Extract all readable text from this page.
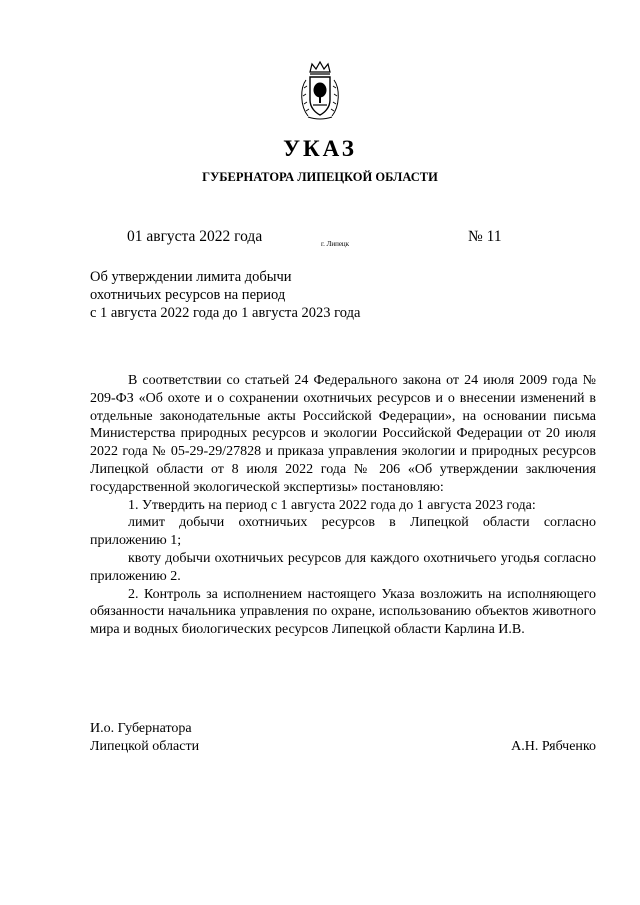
УКАЗ
ГУБЕРНАТОРА ЛИПЕЦКОЙ ОБЛАСТИ
01 августа 2022 года	г. Липецк	№ 11
Об утверждении лимита добычи
охотничьих ресурсов на период
с 1 августа 2022 года до 1 августа 2023 года

В соответствии со статьей 24 Федерального закона от 24 июля 2009 года № 209-ФЗ «Об охоте и о сохранении охотничьих ресурсов и о внесении изменений в отдельные законодательные акты Российской Федерации», на основании письма Министерства природных ресурсов и экологии Российской Федерации от 20 июля 2022 года № 05-29-29/27828 и приказа управления экологии и природных ресурсов Липецкой области от 8 июля 2022 года № 206 «Об утверждении заключения государственной экологической экспертизы» постановляю:

1. Утвердить на период с 1 августа 2022 года до 1 августа 2023 года:

лимит добычи охотничьих ресурсов в Липецкой области согласно приложению 1;

квоту добычи охотничьих ресурсов для каждого охотничьего угодья согласно приложению 2.

2. Контроль за исполнением настоящего Указа возложить на исполняющего обязанности начальника управления по охране, использованию объектов животного мира и водных биологических ресурсов Липецкой области Карлина И.В.

И.о. Губернатора
Липецкой области	А.Н. Рябченко
